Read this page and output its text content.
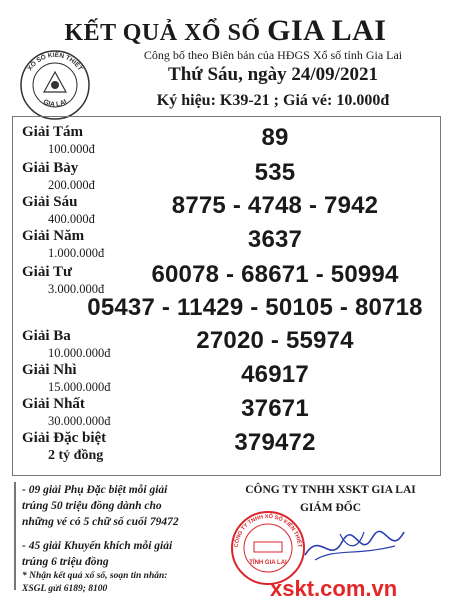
KẾT QUẢ XỔ SỐ GIA LAI
XỔ SỐ KIẾN THIẾT
GIA LAI
Công bố theo Biên bản của HĐGS Xổ số tỉnh Gia Lai
Thứ Sáu, ngày 24/09/2021
Ký hiệu: K39-21 ; Giá vé: 10.000đ
Giải Tám
100.000đ	89
Giải Bảy
200.000đ	535
Giải Sáu
400.000đ	8775 - 4748 - 7942
Giải Năm
1.000.000đ	3637
Giải Tư
3.000.000đ
60078 - 68671 - 50994
05437 - 11429 - 50105 - 80718
Giải Ba
10.000.000đ	27020 - 55974
Giải Nhì
15.000.000đ	46917
Giải Nhất
30.000.000đ	37671
Giải Đặc biệt
2 tỷ đồng	379472
- 09 giải Phụ Đặc biệt mỗi giải
trúng 50 triệu đồng dành cho
những vé có 5 chữ số cuối 79472
- 45 giải Khuyến khích mỗi giải
trúng 6 triệu đồng
* Nhận kết quả xổ số, soạn tin nhắn:
XSGL gửi 6189; 8100
CÔNG TY TNHH XSKT GIA LAI
GIÁM ĐỐC
CÔNG TY TNHH XỔ SỐ KIẾN THIẾT
TỈNH GIA LAI
xskt.com.vn
